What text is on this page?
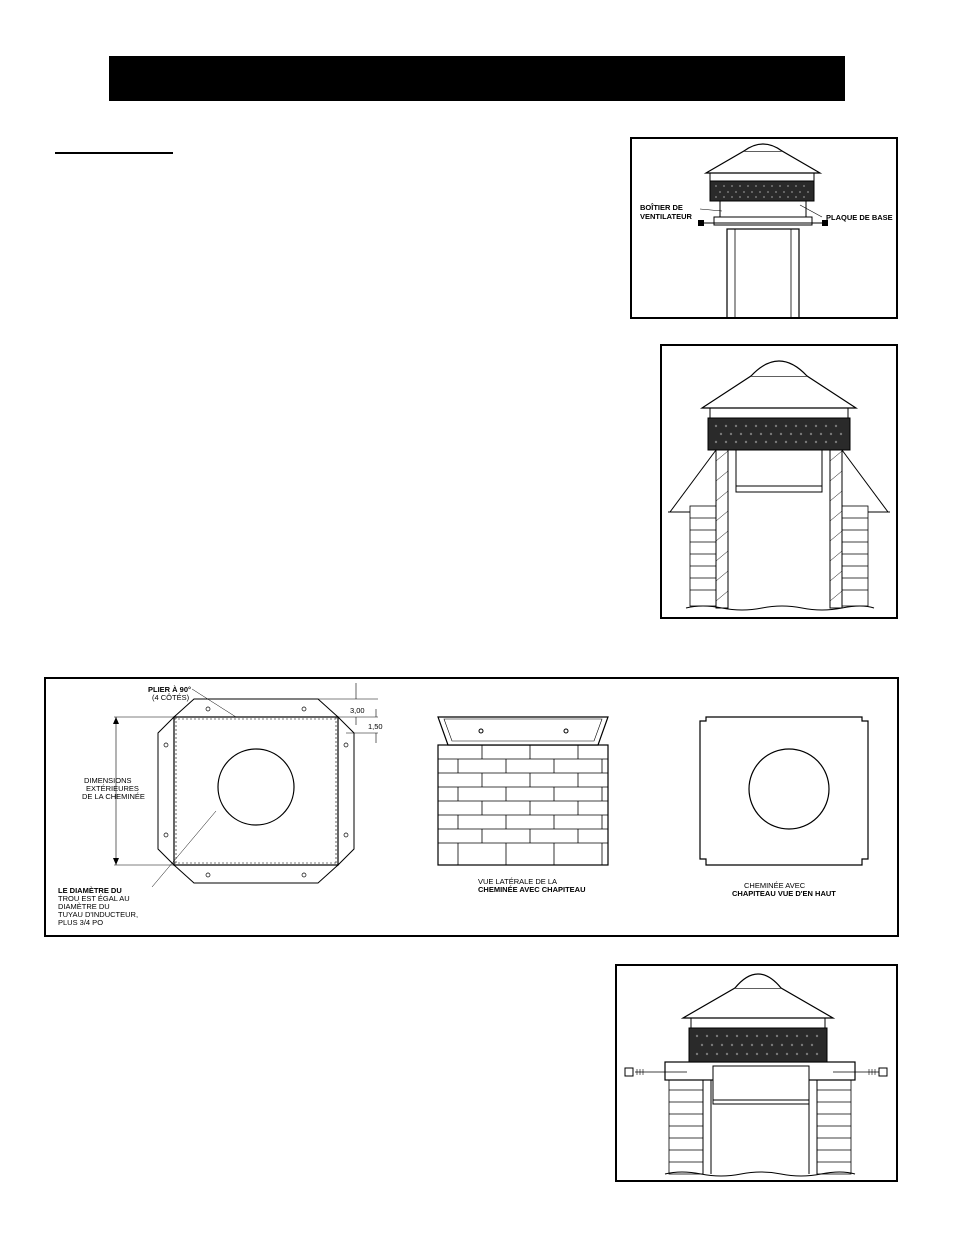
BOÎTIER DE
VENTILATEUR	PLAQUE DE BASE
PLIER À 90°
(4 CÔTÉS)
3,00
1,50
DIMENSIONS
EXTÉRIEURES
DE LA CHEMINÉE
LE DIAMÈTRE DU
TROU EST ÉGAL AU
DIAMÈTRE DU
TUYAU D'INDUCTEUR,
PLUS 3/4 PO
VUE LATÉRALE DE LA
CHEMINÉE AVEC CHAPITEAU	CHEMINÉE AVEC
CHAPITEAU VUE D'EN HAUT
